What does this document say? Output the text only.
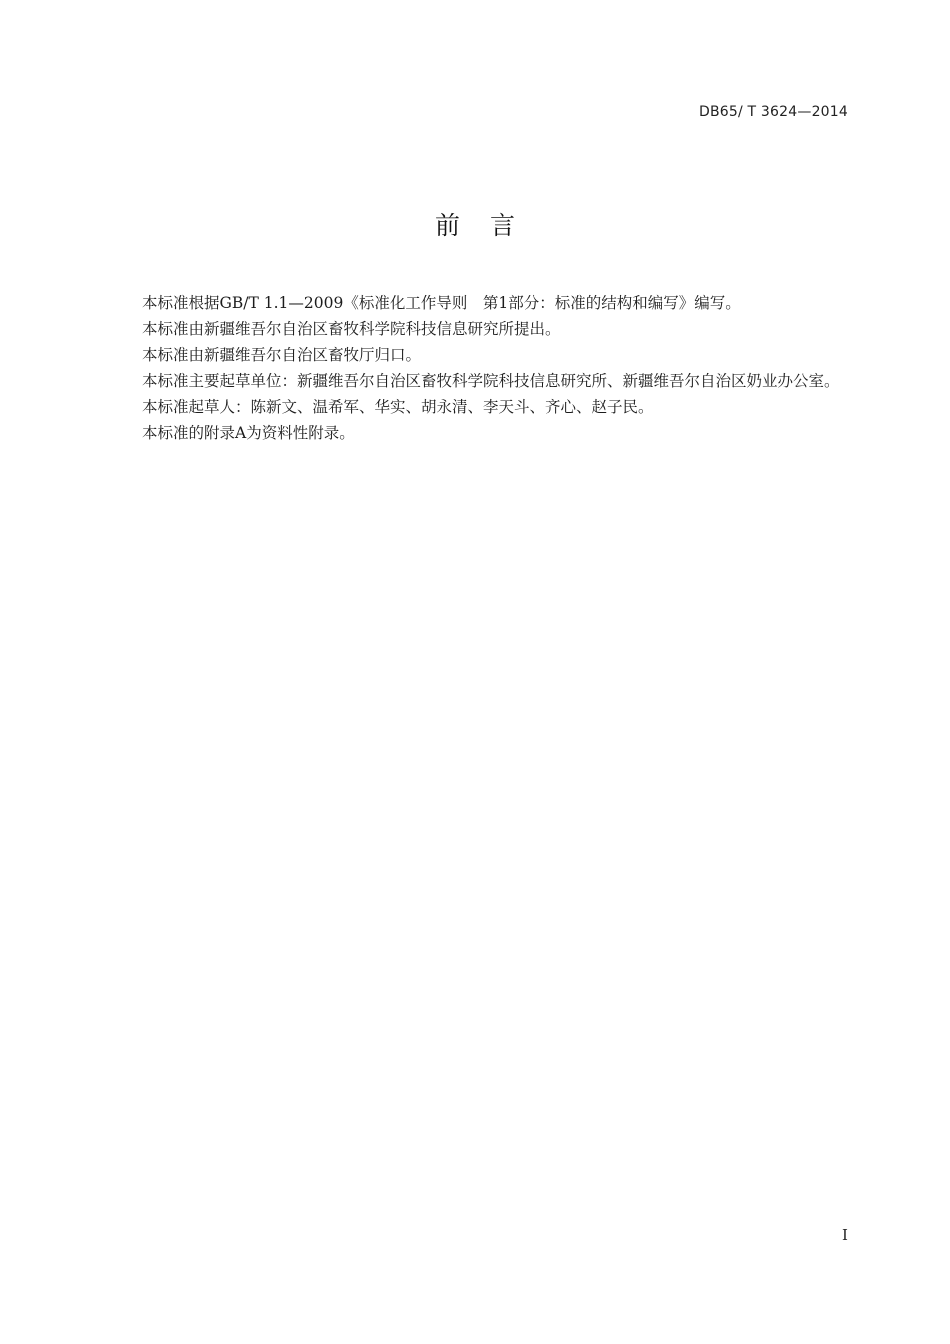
DB65/ T 3624—2014
前言

本标准根据GB/T 1.1—2009《标准化工作导则　第1部分：标准的结构和编写》编写。

本标准由新疆维吾尔自治区畜牧科学院科技信息研究所提出。

本标准由新疆维吾尔自治区畜牧厅归口。

本标准主要起草单位：新疆维吾尔自治区畜牧科学院科技信息研究所、新疆维吾尔自治区奶业办公室。

本标准起草人：陈新文、温希军、华实、胡永清、李天斗、齐心、赵子民。

本标准的附录A为资料性附录。

I
